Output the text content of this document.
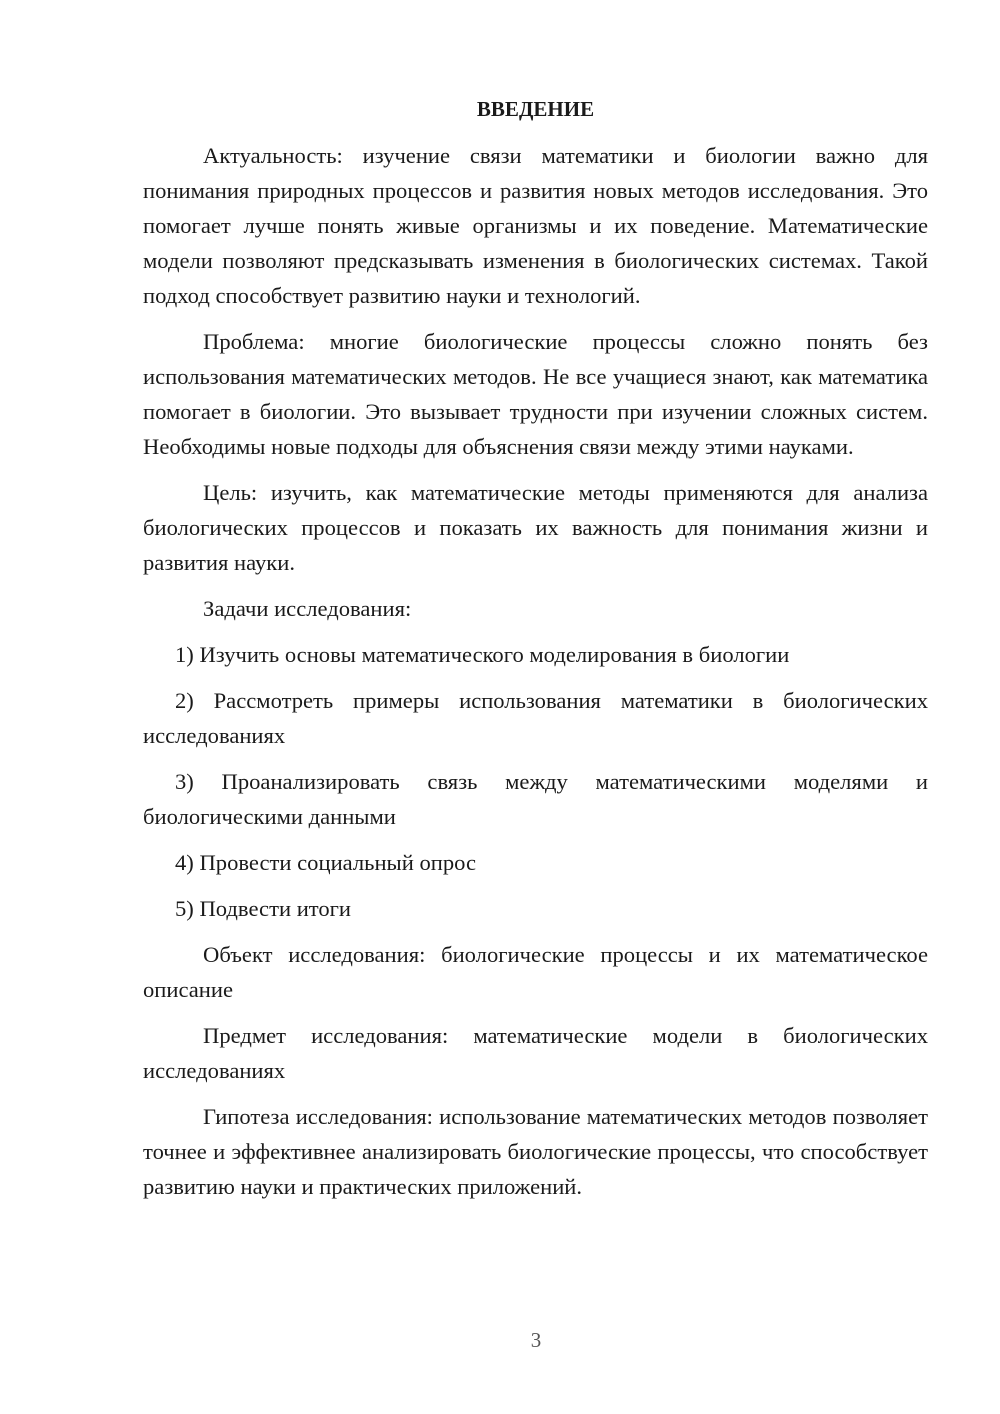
ВВЕДЕНИЕ

Актуальность: изучение связи математики и биологии важно для понимания природных процессов и развития новых методов исследования. Это помогает лучше понять живые организмы и их поведение. Математические модели позволяют предсказывать изменения в биологических системах. Такой подход способствует развитию науки и технологий.

Проблема: многие биологические процессы сложно понять без использования математических методов. Не все учащиеся знают, как математика помогает в биологии. Это вызывает трудности при изучении сложных систем. Необходимы новые подходы для объяснения связи между этими науками.

Цель: изучить, как математические методы применяются для анализа биологических процессов и показать их важность для понимания жизни и развития науки.

Задачи исследования:

1) Изучить основы математического моделирования в биологии

2) Рассмотреть примеры использования математики в биологических исследованиях

3) Проанализировать связь между математическими моделями и биологическими данными

4) Провести социальный опрос

5) Подвести итоги

Объект исследования: биологические процессы и их математическое описание

Предмет исследования: математические модели в биологических исследованиях

Гипотеза исследования: использование математических методов позволяет точнее и эффективнее анализировать биологические процессы, что способствует развитию науки и практических приложений.

3
